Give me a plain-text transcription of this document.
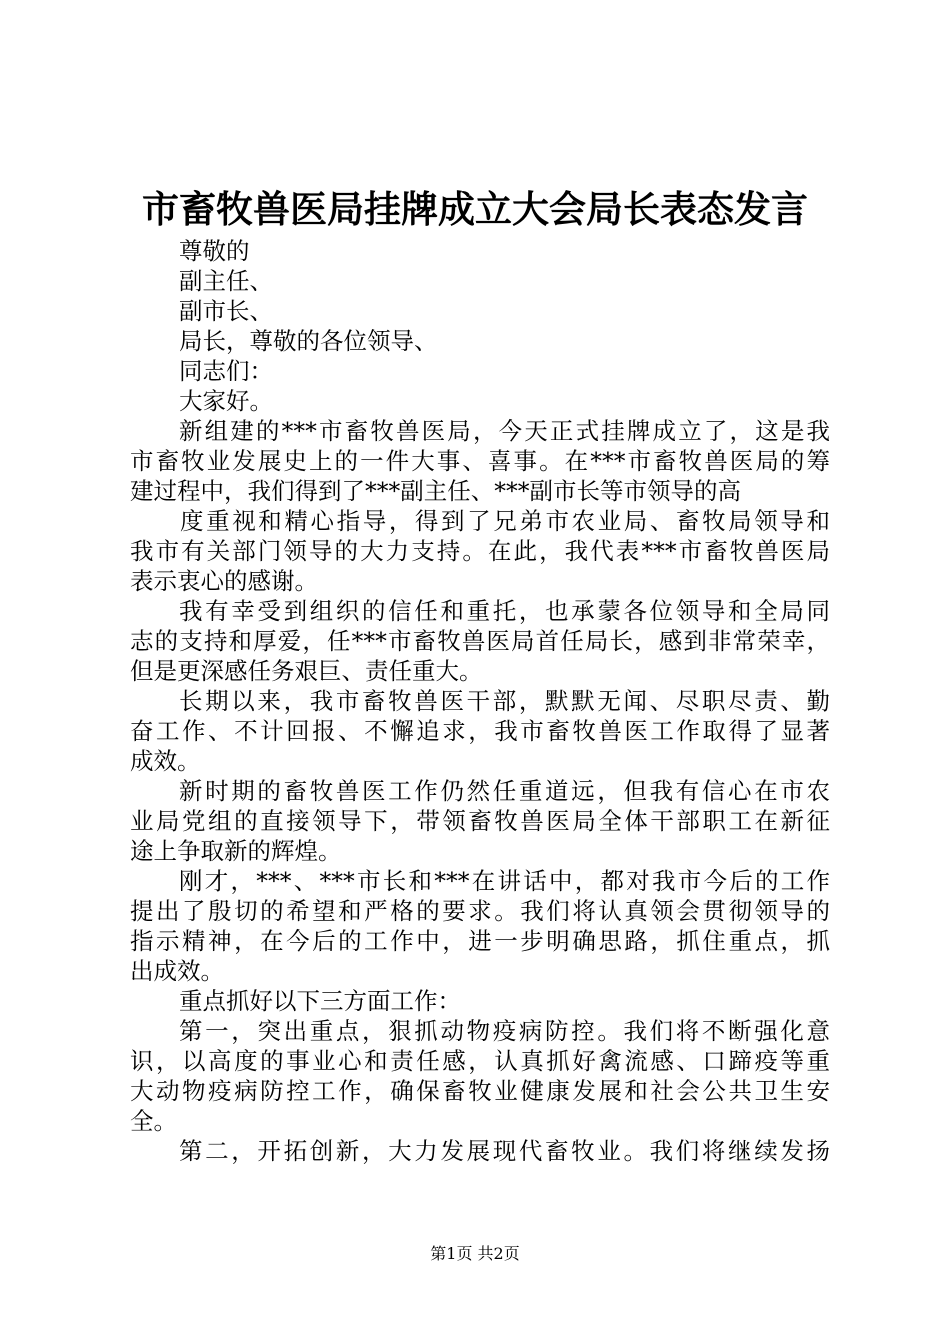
市畜牧兽医局挂牌成立大会局长表态发言
尊敬的
副主任、
副市长、
局长，尊敬的各位领导、
同志们：
大家好。
新组建的***市畜牧兽医局，今天正式挂牌成立了，这是我
市畜牧业发展史上的一件大事、喜事。在***市畜牧兽医局的筹
建过程中，我们得到了***副主任、***副市长等市领导的高
度重视和精心指导，得到了兄弟市农业局、畜牧局领导和
我市有关部门领导的大力支持。在此，我代表***市畜牧兽医局
表示衷心的感谢。
我有幸受到组织的信任和重托，也承蒙各位领导和全局同
志的支持和厚爱，任***市畜牧兽医局首任局长，感到非常荣幸，
但是更深感任务艰巨、责任重大。
长期以来，我市畜牧兽医干部，默默无闻、尽职尽责、勤
奋工作、不计回报、不懈追求，我市畜牧兽医工作取得了显著
成效。
新时期的畜牧兽医工作仍然任重道远，但我有信心在市农
业局党组的直接领导下，带领畜牧兽医局全体干部职工在新征
途上争取新的辉煌。
刚才，***、***市长和***在讲话中，都对我市今后的工作
提出了殷切的希望和严格的要求。我们将认真领会贯彻领导的
指示精神，在今后的工作中，进一步明确思路，抓住重点，抓
出成效。
重点抓好以下三方面工作：
第一，突出重点，狠抓动物疫病防控。我们将不断强化意
识，以高度的事业心和责任感，认真抓好禽流感、口蹄疫等重
大动物疫病防控工作，确保畜牧业健康发展和社会公共卫生安
全。
第二，开拓创新，大力发展现代畜牧业。我们将继续发扬
第1页 共2页
